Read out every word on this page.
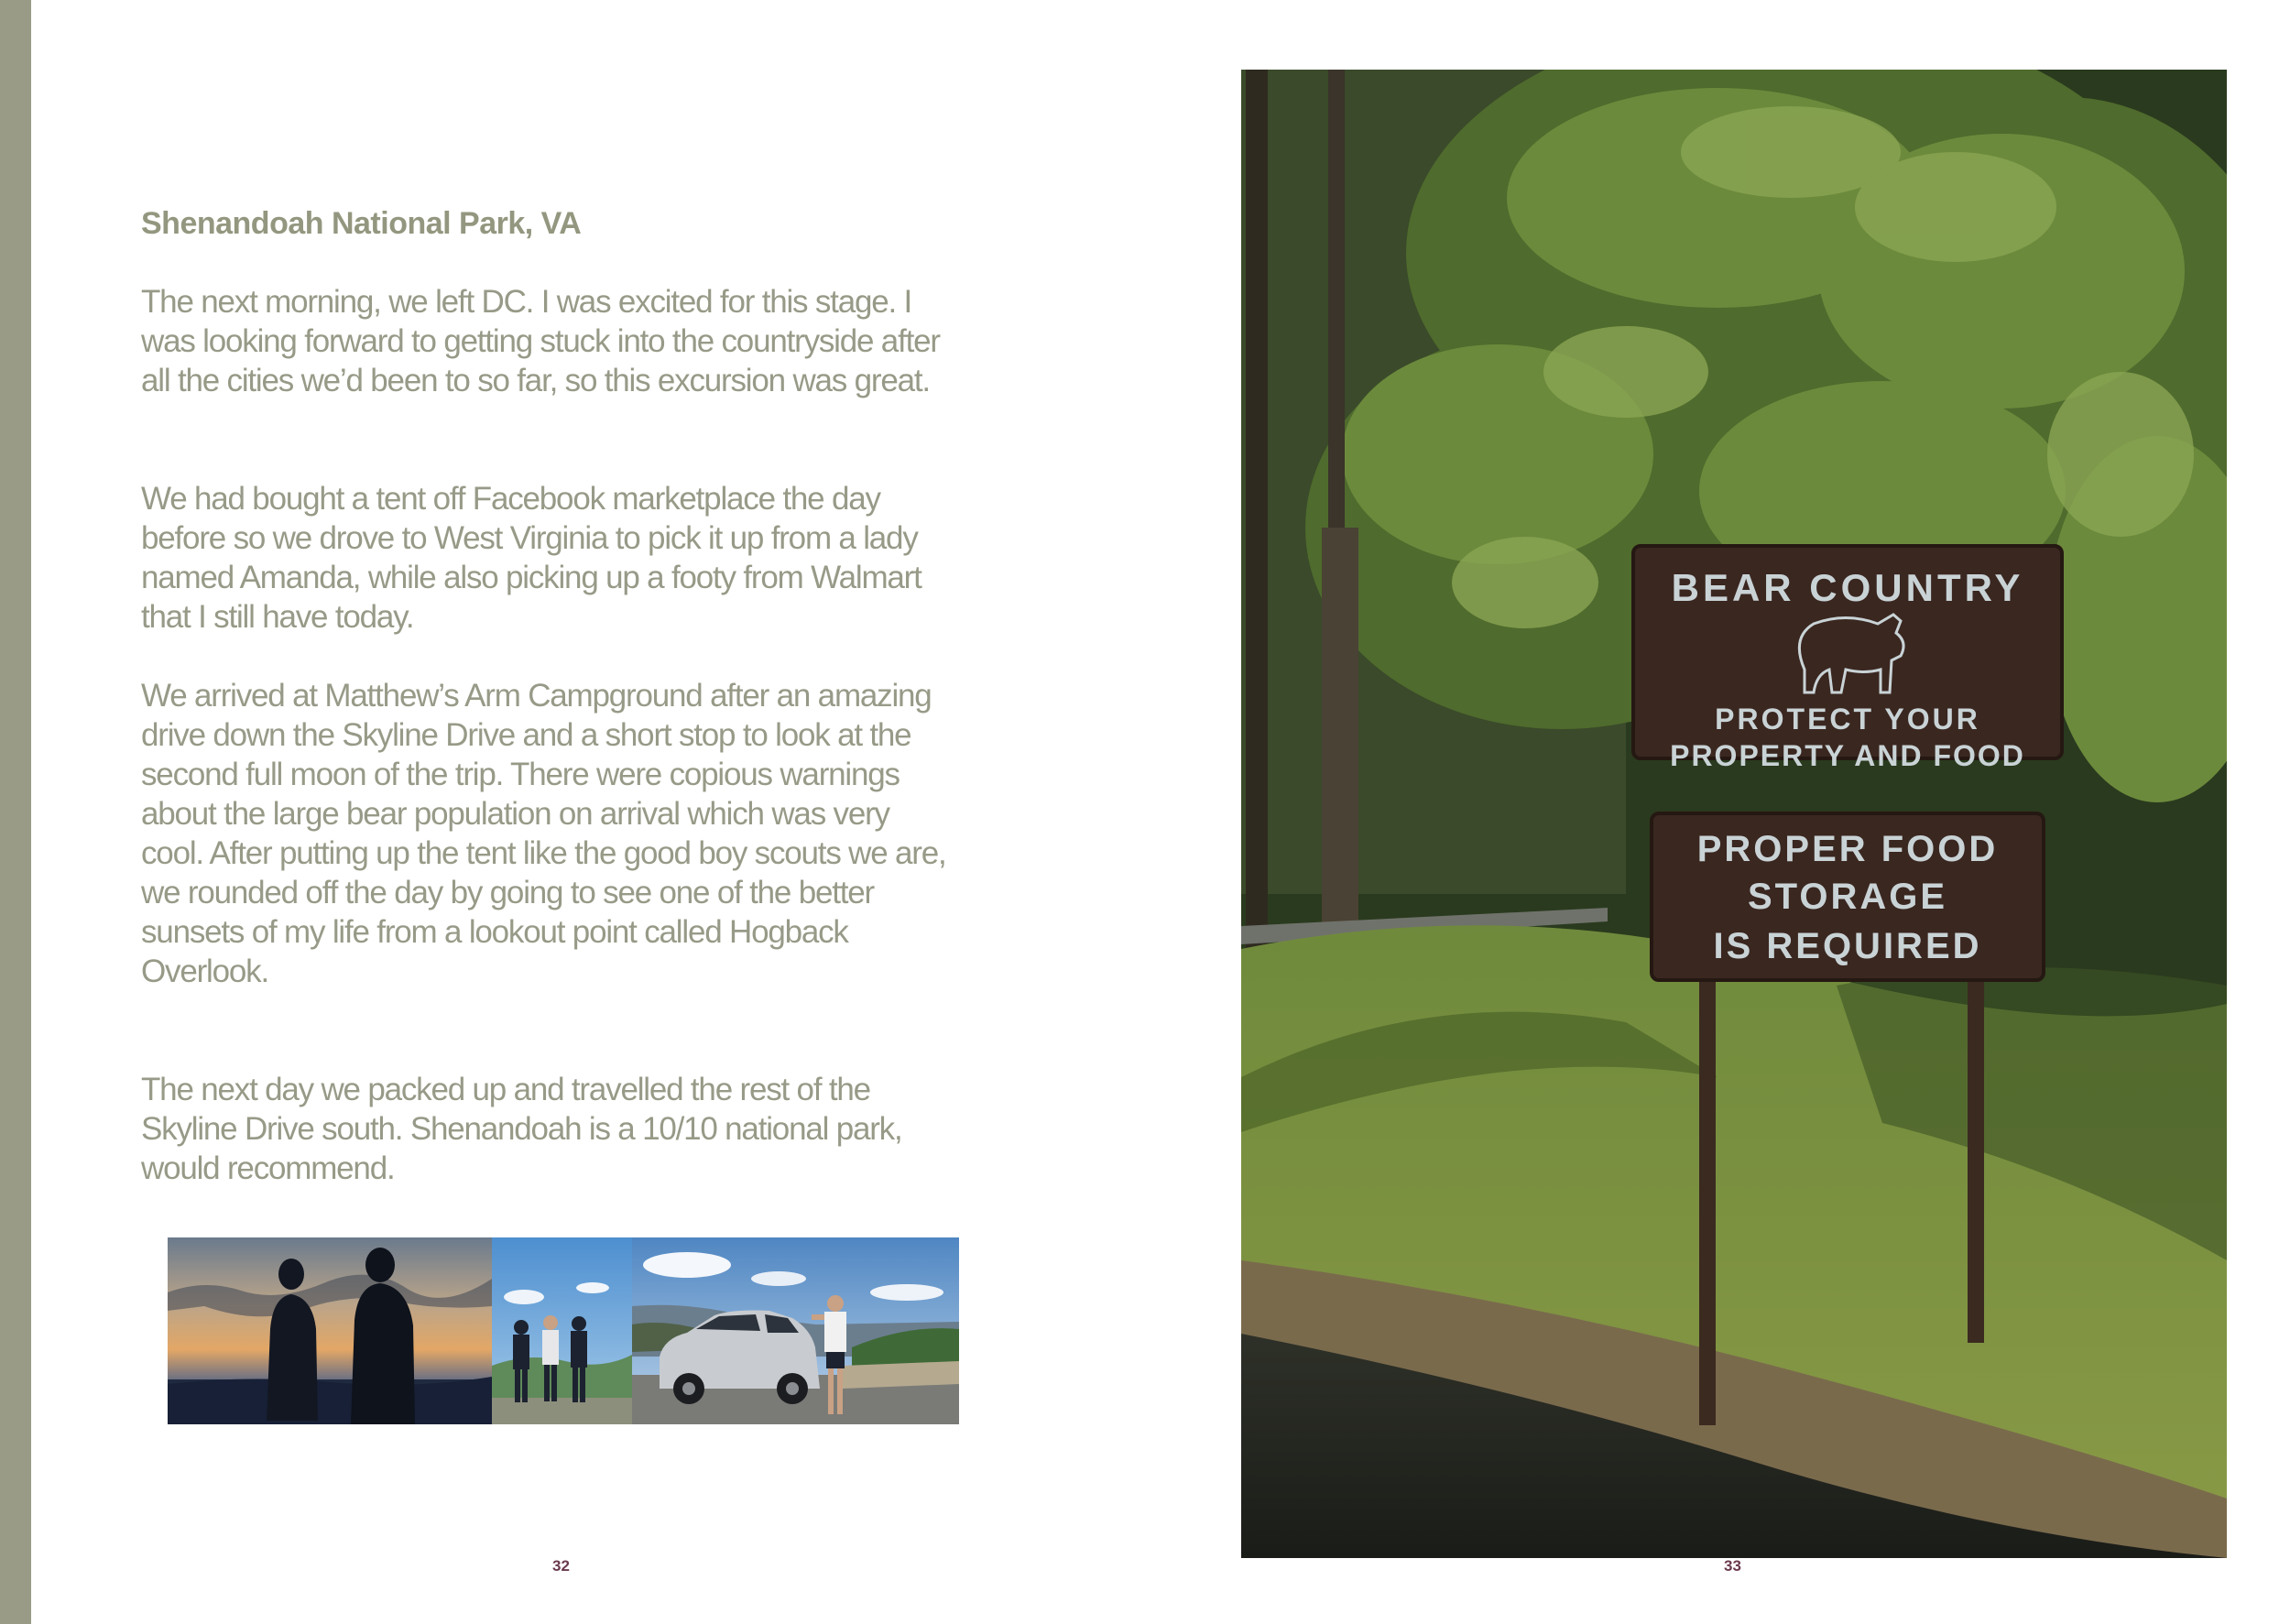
Shenandoah National Park, VA

The next morning, we left DC. I was excited for this stage. I was looking forward to getting stuck into the countryside after all the cities we’d been to so far, so this excursion was great.

We had bought a tent off Facebook marketplace the day before so we drove to West Virginia to pick it up from a lady named Amanda, while also picking up a footy from Walmart that I still have today.

We arrived at Matthew’s Arm Campground after an amazing drive down the Skyline Drive and a short stop to look at the second full moon of the trip. There were copious warnings about the large bear population on arrival which was very cool. After putting up the tent like the good boy scouts we are, we rounded off the day by going to see one of the better sunsets of my life from a lookout point called Hogback Overlook.

The next day we packed up and travelled the rest of the Skyline Drive south. Shenandoah is a 10/10 national park, would recommend.

32
BEAR COUNTRY
PROTECT YOUR
PROPERTY AND FOOD
PROPER FOOD
STORAGE
IS REQUIRED
33
